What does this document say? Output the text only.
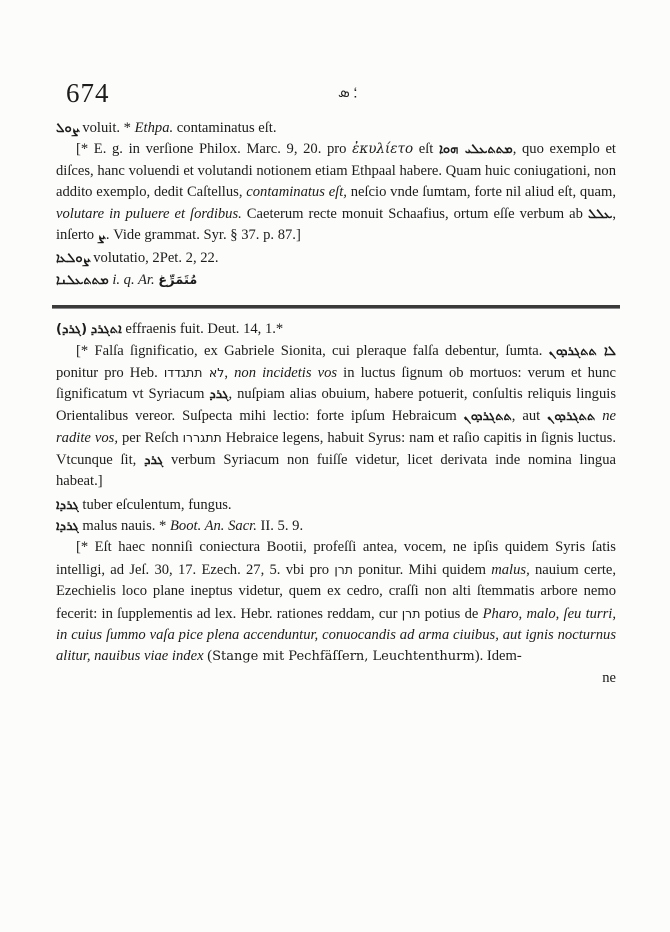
674	؛ ܣ

ܨܘܠ voluit. * Ethpa. contaminatus eſt.

[* E. g. in verſione Philox. Marc. 9, 20. pro ἐκυλίετο eſt ܡܬܬܥܠܝ ܗܘܐ, quo exemplo et diſces, hanc voluendi et volutandi notionem etiam Ethpaal habere. Quam huic coniugationi, non addito exemplo, dedit Caſtellus, contaminatus eſt, neſcio vnde ſumtam, forte nil aliud eſt, quam, volutare in puluere et ſordibus. Caeterum recte monuit Schaafius, ortum eſſe verbum ab ܥܠܠ, inſerto ܨ. Vide grammat. Syr. § 37. p. 87.]

ܨܘܠܥܐ volutatio, 2Pet. 2, 22.

ܡܬܬܥܠܢܐ i. q. Ar. مُتَمَرِّغ

(ܓܪܕ) ܐܬܓܪܕ effraenis fuit. Deut. 14, 1.*

[* Falſa ſignificatio, ex Gabriele Sionita, cui pleraque falſa debentur, ſumta. ܠܐ ܬܬܓܪܕܘܢ ponitur pro Heb. לא תתגדדו, non incidetis vos in luctus ſignum ob mortuos: verum et hunc ſignificatum vt Syriacum ܓܪܕ, nuſpiam alias obuium, habere potuerit, conſultis reliquis linguis Orientalibus vereor. Suſpecta mihi lectio: forte ipſum Hebraicum ܬܬܓܪܕܘܢ, aut ܬܬܓܪܕܘܢ ne radite vos, per Reſch תתגררו Hebraice legens, habuit Syrus: nam et raſio capitis in ſignis luctus. Vtcunque ſit, ܓܪܕ verbum Syriacum non fuiſſe videtur, licet derivata inde nomina lingua habeat.]

ܓܪܕܐ tuber eſculentum, fungus.

ܓܪܕܐ malus nauis. * Boot. An. Sacr. II. 5. 9.

[* Eſt haec nonniſi coniectura Bootii, profeſſi antea, vocem, ne ipſis quidem Syris ſatis intelligi, ad Jeſ. 30, 17. Ezech. 27, 5. vbi pro תרן ponitur. Mihi quidem malus, nauium certe, Ezechielis loco plane ineptus videtur, quem ex cedro, craſſi non alti ſtemmatis arbore nemo fecerit: in ſupplementis ad lex. Hebr. rationes reddam, cur תרן potius de Pharo, malo, ſeu turri, in cuius ſummo vaſa pice plena accenduntur, conuocandis ad arma ciuibus, aut ignis nocturnus alitur, nauibus viae index (Stange mit Pechfäſſern, Leuchtenthurm). Idem-

ne
